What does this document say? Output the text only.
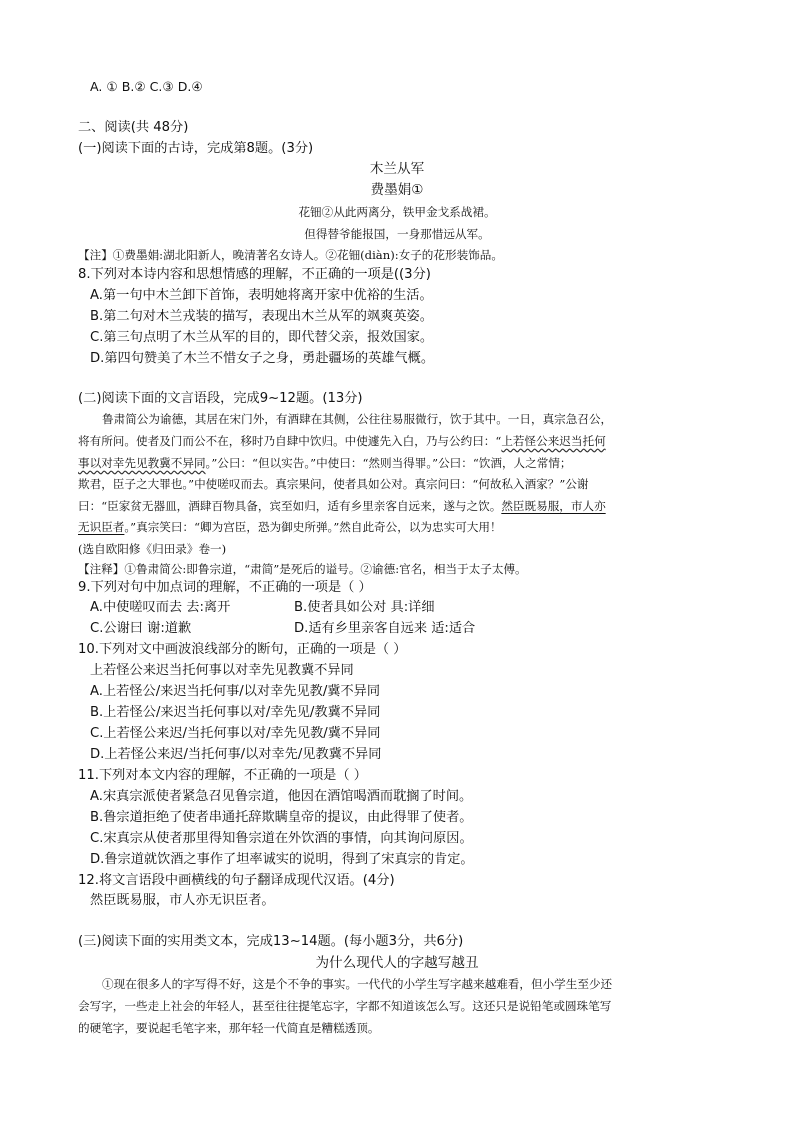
A. ① B.② C.③ D.④
二、阅读(共 48分)
(一)阅读下面的古诗，完成第8题。(3分)
木兰从军
费墨娟①
花钿②从此两离分，铁甲金戈系战裙。
但得替爷能报国，一身那惜远从军。
【注】①费墨娟:湖北阳新人，晚清著名女诗人。②花钿(diàn):女子的花形装饰品。
8.下列对本诗内容和思想情感的理解，不正确的一项是((3分)
A.第一句中木兰卸下首饰，表明她将离开家中优裕的生活。
B.第二句对木兰戎装的描写，表现出木兰从军的飒爽英姿。
C.第三句点明了木兰从军的目的，即代替父亲，报效国家。
D.第四句赞美了木兰不惜女子之身，勇赴疆场的英雄气概。
(二)阅读下面的文言语段，完成9~12题。(13分)
鲁肃简公为谕德，其居在宋门外，有酒肆在其侧，公往往易服微行，饮于其中。一日，真宗急召公，
将有所问。使者及门而公不在，移时乃自肆中饮归。中使遽先入白，乃与公约曰：“上若怪公来迟当托何
事以对幸先见教冀不异同。”公曰：“但以实告。”中使曰：“然则当得罪。”公曰：“饮酒，人之常情；
欺君，臣子之大罪也。”中使嗟叹而去。真宗果问，使者具如公对。真宗问曰：“何故私入酒家？”公谢
曰：“臣家贫无器皿，酒肆百物具备，宾至如归，适有乡里亲客自远来，遂与之饮。然臣既易服，市人亦
无识臣者。”真宗笑曰：“卿为宫臣，恐为御史所弹。”然自此奇公，以为忠实可大用！
(选自欧阳修《归田录》卷一)
【注释】①鲁肃简公:即鲁宗道，“肃简”是死后的谥号。②谕德:官名，相当于太子太傅。
9.下列对句中加点词的理解，不正确的一项是（ ）
A.中使嗟叹而去 去:离开	B.使者具如公对 具:详细
C.公谢曰 谢:道歉	D.适有乡里亲客自远来 适:适合
10.下列对文中画波浪线部分的断句，正确的一项是（ ）
上若怪公来迟当托何事以对幸先见教冀不异同
A.上若怪公/来迟当托何事/以对幸先见教/冀不异同
B.上若怪公/来迟当托何事以对/幸先见/教冀不异同
C.上若怪公来迟/当托何事以对/幸先见教/冀不异同
D.上若怪公来迟/当托何事/以对幸先/见教冀不异同
11.下列对本文内容的理解，不正确的一项是（ ）
A.宋真宗派使者紧急召见鲁宗道，他因在酒馆喝酒而耽搁了时间。
B.鲁宗道拒绝了使者串通托辞欺瞒皇帝的提议，由此得罪了使者。
C.宋真宗从使者那里得知鲁宗道在外饮酒的事情，向其询问原因。
D.鲁宗道就饮酒之事作了坦率诚实的说明，得到了宋真宗的肯定。
12.将文言语段中画横线的句子翻译成现代汉语。(4分)
然臣既易服，市人亦无识臣者。
(三)阅读下面的实用类文本，完成13~14题。(每小题3分，共6分)
为什么现代人的字越写越丑
①现在很多人的字写得不好，这是个不争的事实。一代代的小学生写字越来越难看，但小学生至少还
会写字，一些走上社会的年轻人，甚至往往提笔忘字，字都不知道该怎么写。这还只是说铅笔或圆珠笔写
的硬笔字，要说起毛笔字来，那年轻一代简直是糟糕透顶。
